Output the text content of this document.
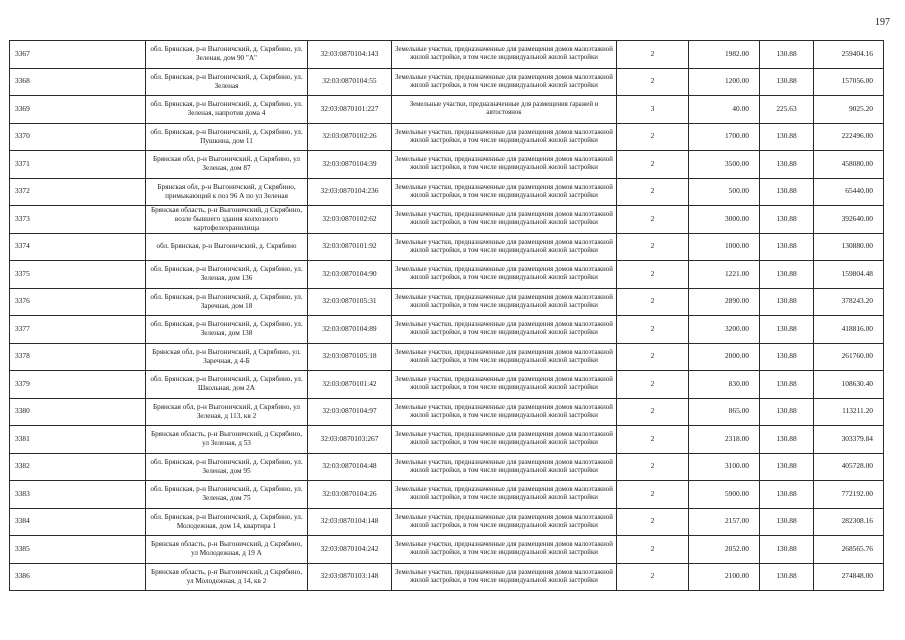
197
3367	обл. Брянская, р-н Выгоничский, д. Скрябино, ул. Зеленая, дом 90 "А"	32:03:0870104:143	Земельные участки, предназначенные для размещения домов малоэтажной жилой застройки, в том числе индивидуальной жилой застройки	2	1982.00	130.88	259404.16
3368	обл. Брянская, р-н Выгоничский, д. Скрябино, ул. Зеленая	32:03:0870104:55	Земельные участки, предназначенные для размещения домов малоэтажной жилой застройки, в том числе индивидуальной жилой застройки	2	1200.00	130.88	157056.00
3369	обл. Брянская, р-н Выгоничский, д. Скрябино, ул. Зеленая, напротив дома 4	32:03:0870101:227	Земельные участки, предназначенные для размещения гаражей и автостоянок	3	40.00	225.63	9025.20
3370	обл. Брянская, р-н Выгоничский, д. Скрябино, ул. Пушкина, дом 11	32:03:0870102:26	Земельные участки, предназначенные для размещения домов малоэтажной жилой застройки, в том числе индивидуальной жилой застройки	2	1700.00	130.88	222496.00
3371	Брянская обл, р-н Выгоничский, д Скрябино, ул Зеленая, дом 87	32:03:0870104:39	Земельные участки, предназначенные для размещения домов малоэтажной жилой застройки, в том числе индивидуальной жилой застройки	2	3500.00	130.88	458080.00
3372	Брянская обл, р-н Выгоничский, д Скрябино, примыкающий к поз 96 А по ул Зеленая	32:03:0870104:236	Земельные участки, предназначенные для размещения домов малоэтажной жилой застройки, в том числе индивидуальной жилой застройки	2	500.00	130.88	65440.00
3373	Брянская область, р-н Выгоничский, д Скрябино, возле бывшего здания колхозного картофелехранилища	32:03:0870102:62	Земельные участки, предназначенные для размещения домов малоэтажной жилой застройки, в том числе индивидуальной жилой застройки	2	3000.00	130.88	392640.00
3374	обл. Брянская, р-н Выгоничский, д. Скрябино	32:03:0870101:92	Земельные участки, предназначенные для размещения домов малоэтажной жилой застройки, в том числе индивидуальной жилой застройки	2	1000.00	130.88	130880.00
3375	обл. Брянская, р-н Выгоничский, д. Скрябино, ул. Зеленая, дом 136	32:03:0870104:90	Земельные участки, предназначенные для размещения домов малоэтажной жилой застройки, в том числе индивидуальной жилой застройки	2	1221.00	130.88	159804.48
3376	обл. Брянская, р-н Выгоничский, д. Скрябино, ул. Заречная, дом 18	32:03:0870105:31	Земельные участки, предназначенные для размещения домов малоэтажной жилой застройки, в том числе индивидуальной жилой застройки	2	2890.00	130.88	378243.20
3377	обл. Брянская, р-н Выгоничский, д. Скрябино, ул. Зеленая, дом 138	32:03:0870104:89	Земельные участки, предназначенные для размещения домов малоэтажной жилой застройки, в том числе индивидуальной жилой застройки	2	3200.00	130.88	418816.00
3378	Брянская обл, р-н Выгоничский, д Скрябино, ул. Заречная, д 4-Б	32:03:0870105:18	Земельные участки, предназначенные для размещения домов малоэтажной жилой застройки, в том числе индивидуальной жилой застройки	2	2000.00	130.88	261760.00
3379	обл. Брянская, р-н Выгоничский, д. Скрябино, ул. Школьная, дом 2А	32:03:0870101:42	Земельные участки, предназначенные для размещения домов малоэтажной жилой застройки, в том числе индивидуальной жилой застройки	2	830.00	130.88	108630.40
3380	Брянская обл, р-н Выгоничский, д Скрябино, ул Зеленая, д 113, кв 2	32:03:0870104:97	Земельные участки, предназначенные для размещения домов малоэтажной жилой застройки, в том числе индивидуальной жилой застройки	2	865.00	130.88	113211.20
3381	Брянская область, р-н Выгоничский, д Скрябино, ул Зеленая, д 53	32:03:0870103:267	Земельные участки, предназначенные для размещения домов малоэтажной жилой застройки, в том числе индивидуальной жилой застройки	2	2318.00	130.88	303379.84
3382	обл. Брянская, р-н Выгоничский, д. Скрябино, ул. Зеленая, дом 95	32:03:0870104:48	Земельные участки, предназначенные для размещения домов малоэтажной жилой застройки, в том числе индивидуальной жилой застройки	2	3100.00	130.88	405728.00
3383	обл. Брянская, р-н Выгоничский, д. Скрябино, ул. Зеленая, дом 75	32:03:0870104:26	Земельные участки, предназначенные для размещения домов малоэтажной жилой застройки, в том числе индивидуальной жилой застройки	2	5900.00	130.88	772192.00
3384	обл. Брянская, р-н Выгоничский, д. Скрябино, ул. Молодежная, дом 14, квартира 1	32:03:0870104:148	Земельные участки, предназначенные для размещения домов малоэтажной жилой застройки, в том числе индивидуальной жилой застройки	2	2157.00	130.88	282308.16
3385	Брянская область, р-н Выгоничский, д Скрябино, ул Молодежная, д 19 А	32:03:0870104:242	Земельные участки, предназначенные для размещения домов малоэтажной жилой застройки, в том числе индивидуальной жилой застройки	2	2052.00	130.88	268565.76
3386	Брянская область, р-н Выгоничский, д Скрябино, ул Молодежная, д 14, кв 2	32:03:0870103:148	Земельные участки, предназначенные для размещения домов малоэтажной жилой застройки, в том числе индивидуальной жилой застройки	2	2100.00	130.88	274848.00
